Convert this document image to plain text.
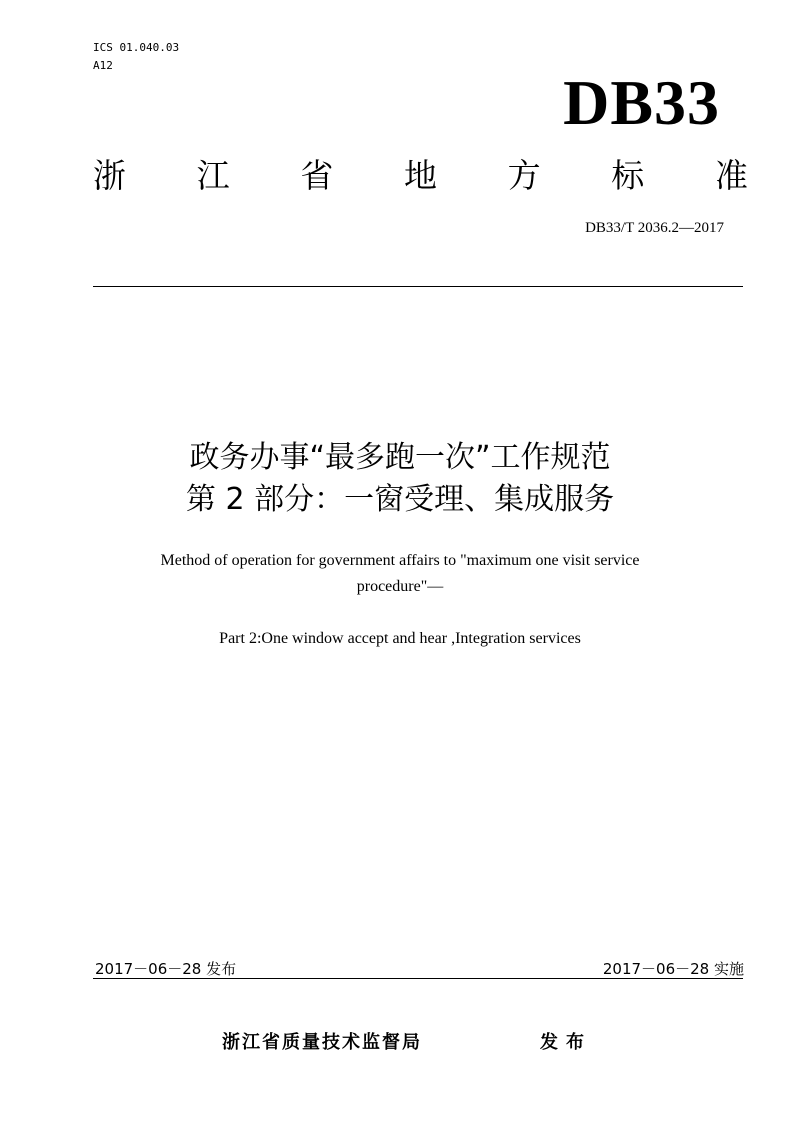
ICS 01.040.03
A12
DB33
浙 江 省 地 方 标 准
DB33/T 2036.2—2017
政务办事“最多跑一次”工作规范
第 2 部分：一窗受理、集成服务
Method of operation for government affairs to "maximum one visit service
procedure"—
Part 2:One window accept and hear ,Integration services
2017－06－28 发布	2017－06－28 实施
浙江省质量技术监督局	发布
